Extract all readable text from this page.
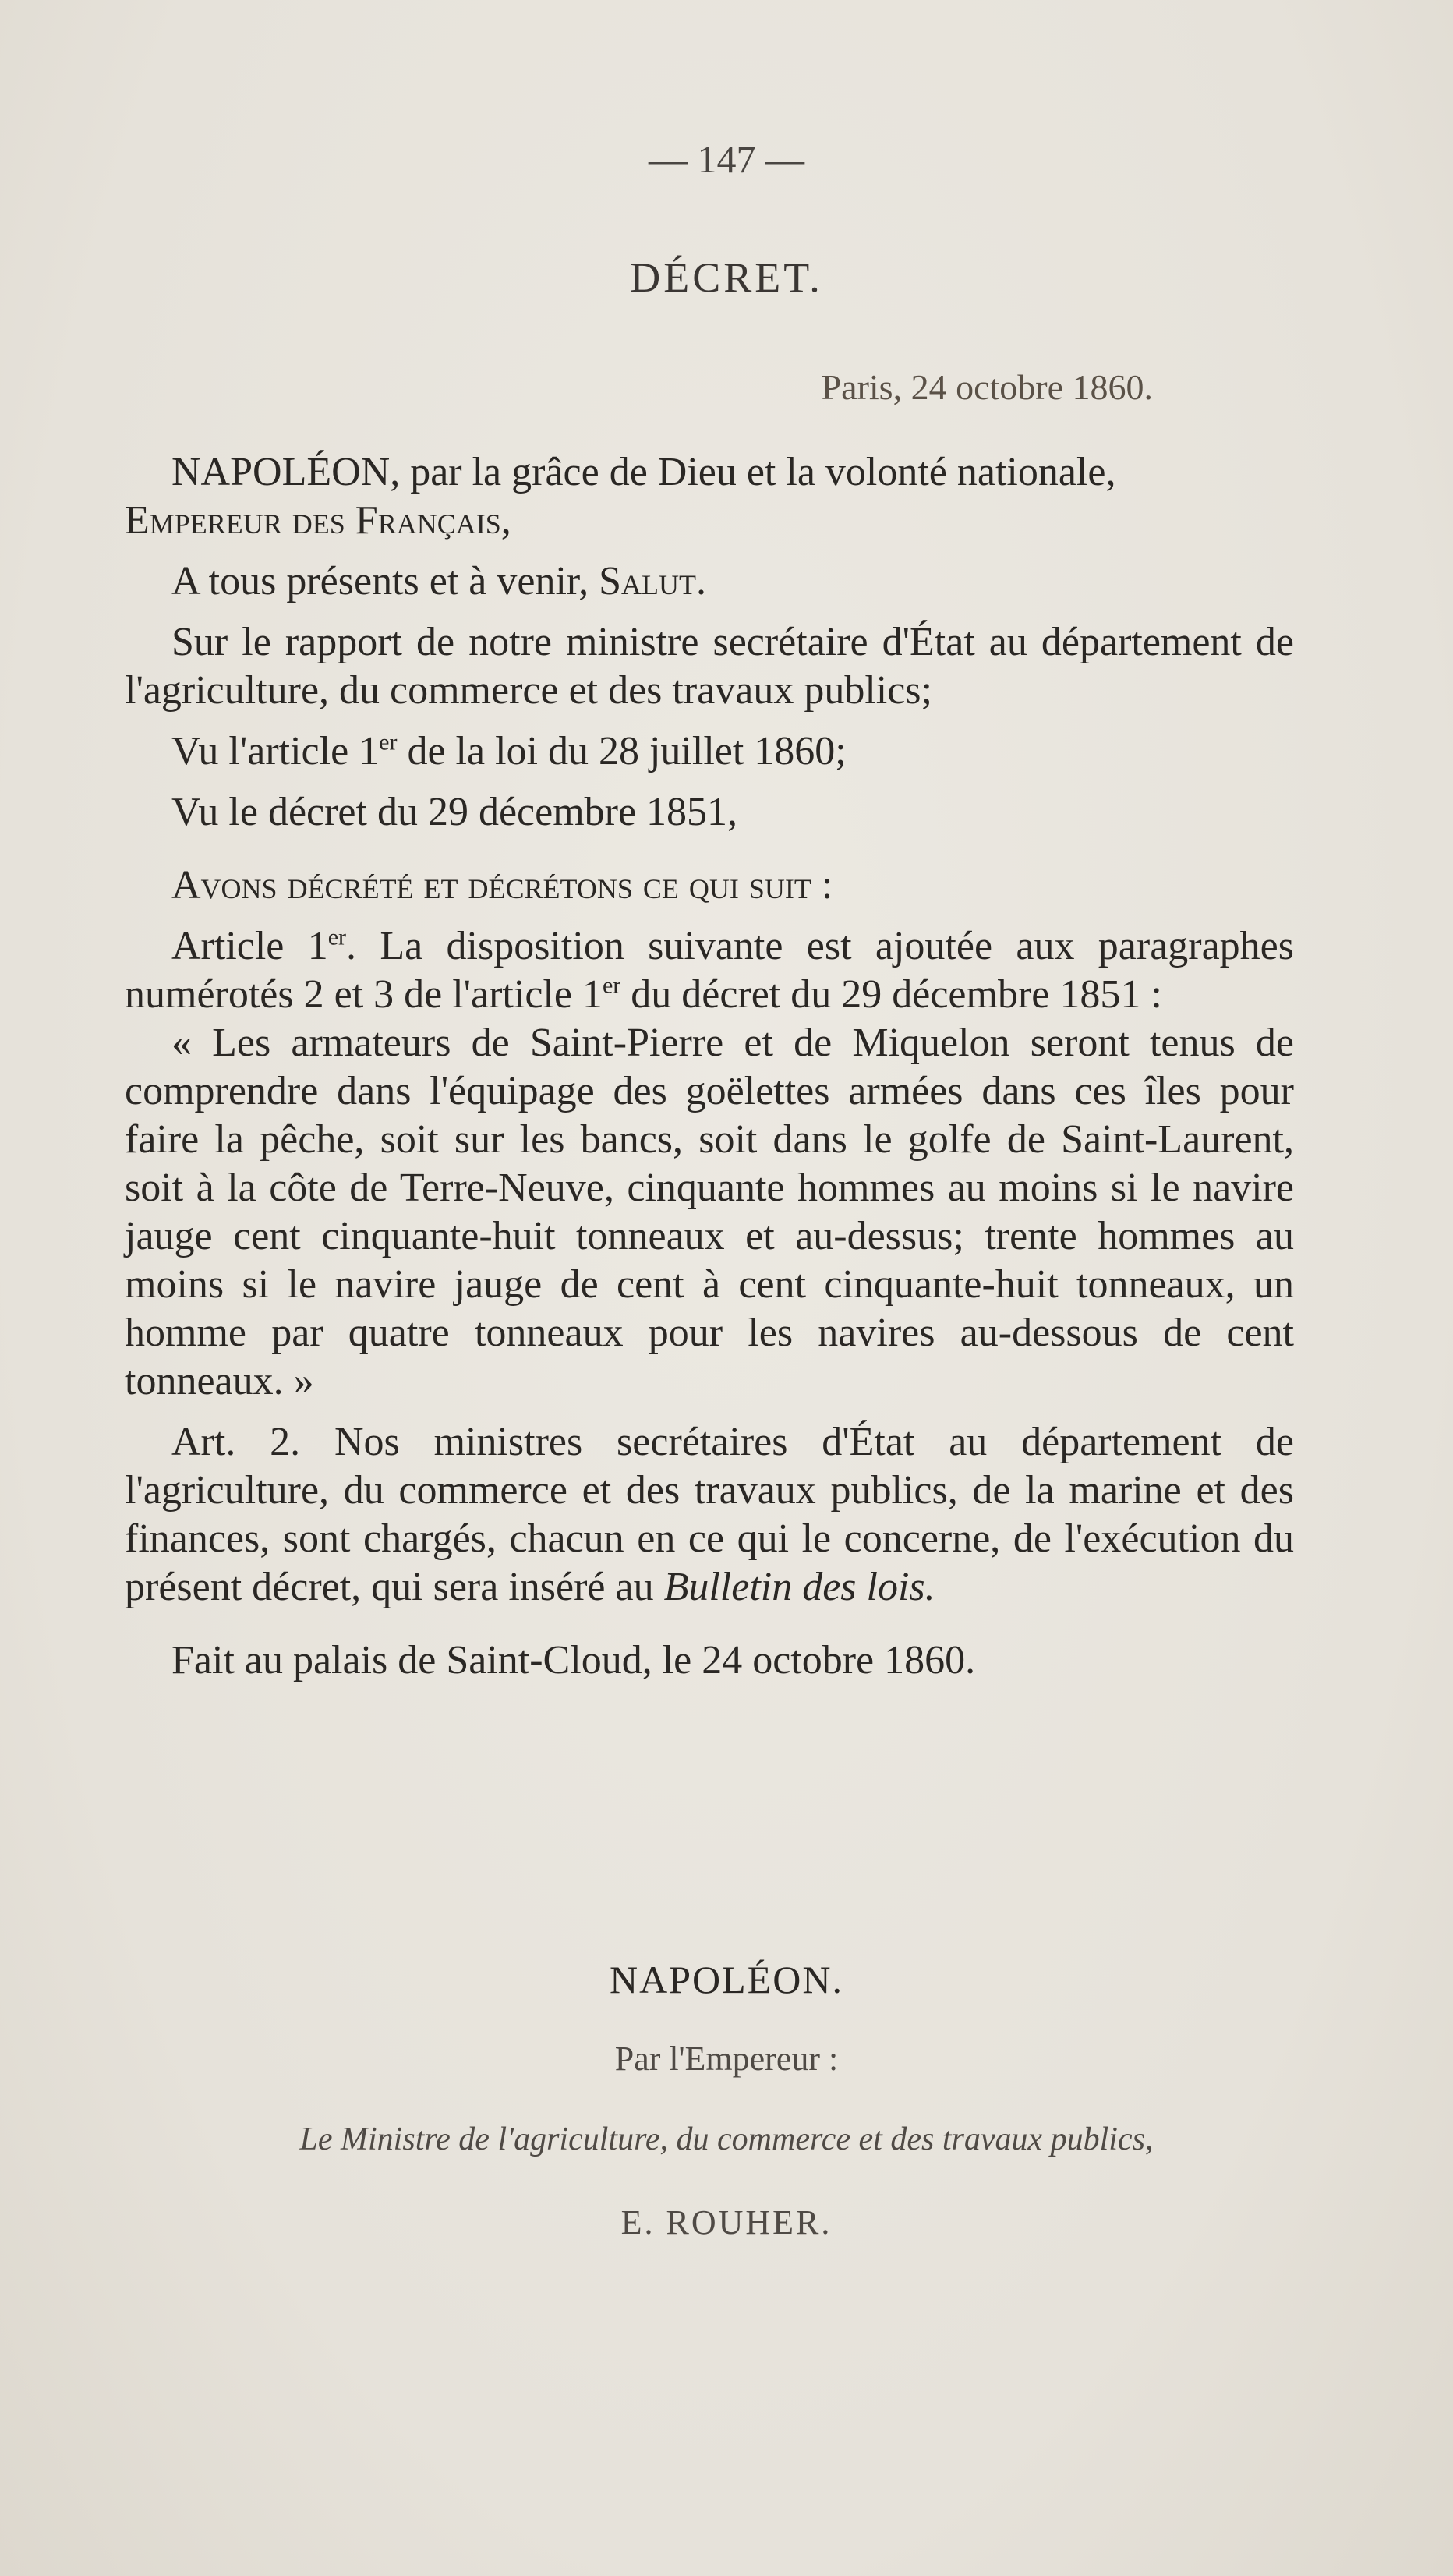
— 147 —
DÉCRET.
Paris, 24 octobre 1860.

NAPOLÉON, par la grâce de Dieu et la volonté nationale,

Empereur des Français,

A tous présents et à venir, Salut.

Sur le rapport de notre ministre secrétaire d'État au département de l'agriculture, du commerce et des travaux publics;

Vu l'article 1er de la loi du 28 juillet 1860;

Vu le décret du 29 décembre 1851,

Avons décrété et décrétons ce qui suit :

Article 1er. La disposition suivante est ajoutée aux paragraphes numérotés 2 et 3 de l'article 1er du décret du 29 décembre 1851 :

« Les armateurs de Saint-Pierre et de Miquelon seront tenus de comprendre dans l'équipage des goëlettes armées dans ces îles pour faire la pêche, soit sur les bancs, soit dans le golfe de Saint-Laurent, soit à la côte de Terre-Neuve, cinquante hommes au moins si le navire jauge cent cinquante-huit tonneaux et au-dessus; trente hommes au moins si le navire jauge de cent à cent cinquante-huit tonneaux, un homme par quatre tonneaux pour les navires au-dessous de cent tonneaux. »

Art. 2. Nos ministres secrétaires d'État au département de l'agriculture, du commerce et des travaux publics, de la marine et des finances, sont chargés, chacun en ce qui le concerne, de l'exécution du présent décret, qui sera inséré au Bulletin des lois.

Fait au palais de Saint-Cloud, le 24 octobre 1860.

NAPOLÉON.
Par l'Empereur :
Le Ministre de l'agriculture, du commerce et des travaux publics,
E. ROUHER.
